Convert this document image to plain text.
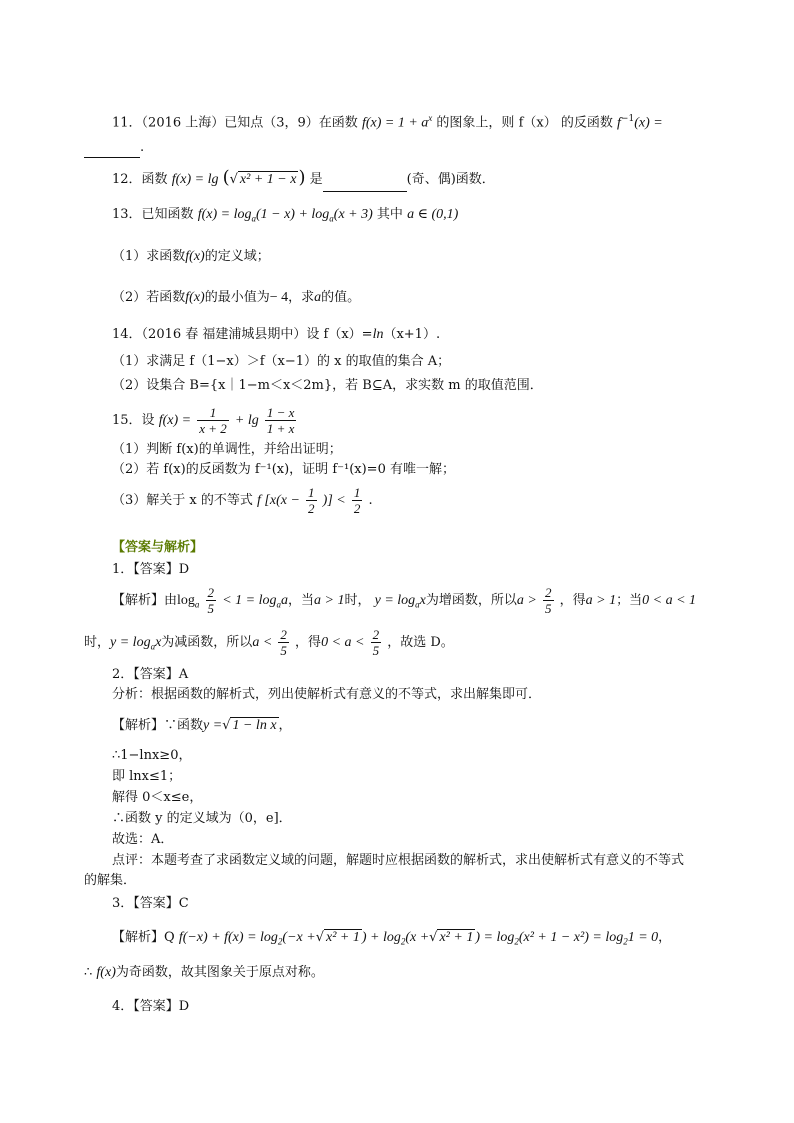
11．（2016 上海）已知点（3，9）在函数 $f(x) = 1 + a^x$ 的图象上，则 f（x） 的反函数 $f^{-1}(x)$ =
.
12．函数 f(x) = lg (√ x² + 1 − x ) 是	(奇、偶)函数．
13．已知函数 $f(x) = \log_a(1 - x) + \log_a(x + 3)$ 其中 a ∈ (0,1)
（1）求函数f(x)的定义域；
（2）若函数f(x)的最小值为− 4，求a的值。
14．（2016 春 福建浦城县期中）设 f（x）=ln（x+1）.
（1）求满足 f（1−x）＞f（x−1）的 x 的取值的集合 A；
（2）设集合 B={x｜1−m＜x＜2m}，若 B⊆A，求实数 m 的取值范围．
15．设 $f(x) = \frac{1}{x + 2} + \lg \frac{1 - x}{1 + x}$
（1）判断 f(x)的单调性，并给出证明；
（2）若 f(x)的反函数为 f⁻¹(x)，证明 f⁻¹(x)=0 有唯一解；
（3）解关于 x 的不等式 f [$x(x - \frac{1}{2}$ )] < $\frac{1}{2}$ .
【答案与解析】
1．【答案】D
【解析】由$\log_a \frac{2}{5} < 1 = \log_aa$，当a > 1时， $y = \log_ax$为增函数，所以$a > \frac{2}{5}$ ，得a > 1；当0 < a < 1
时，$y = \log_ax$为减函数，所以$a < \frac{2}{5}$ ，得$0 < a < \frac{2}{5}$ ，故选 D。
2．【答案】A
分析：根据函数的解析式，列出使解析式有意义的不等式，求出解集即可．
【解析】∵函数y =√ 1 − ln x ，
∴1−lnx≥0，
即 lnx≤1；
解得 0＜x≤e，
∴函数 y 的定义域为（0，e]．
故选：A．
点评：本题考查了求函数定义域的问题，解题时应根据函数的解析式，求出使解析式有意义的不等式
的解集．
3．【答案】C
【解析】Q $f(-x) + f(x) = \log_2(-x$ +√ x² + 1 ) + $\log_2(x$ +√ x² + 1 ) = $\log_2(x^2 + 1 - x^2) = \log_21 = 0$，
∴ f(x)为奇函数，故其图象关于原点对称。
4．【答案】D
